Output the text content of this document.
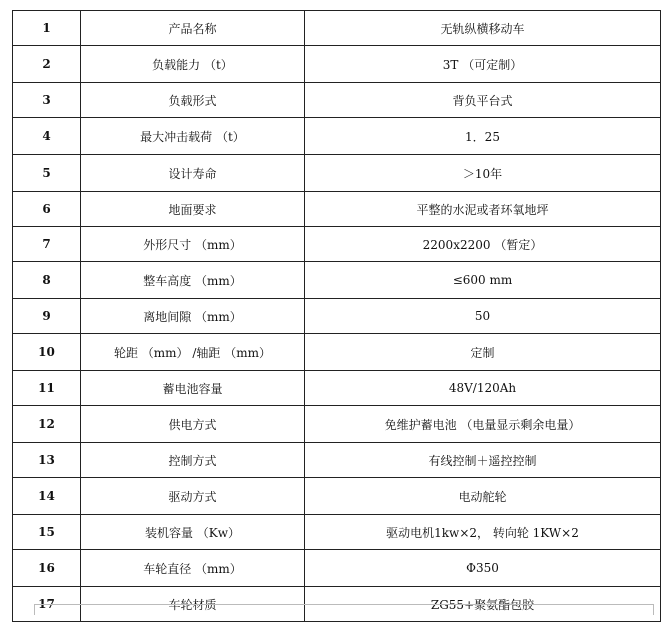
1	产品名称	无轨纵横移动车
2	负载能力 （t）	3T （可定制）
3	负载形式	背负平台式
4	最大冲击载荷 （t）	1．25
5	设计寿命	＞10年
6	地面要求	平整的水泥或者环氧地坪
7	外形尺寸 （mm）	2200x2200 （暂定）
8	整车高度 （mm）	≤600 mm
9	离地间隙 （mm）	50
10	轮距 （mm） /轴距 （mm）	定制
11	蓄电池容量	48V/120Ah
12	供电方式	免维护蓄电池 （电量显示剩余电量）
13	控制方式	有线控制＋遥控控制
14	驱动方式	电动舵轮
15	装机容量 （Kw）	驱动电机1kw×2， 转向轮 1KW×2
16	车轮直径 （mm）	Φ350
17	车轮材质	ZG55+聚氨酯包胶
